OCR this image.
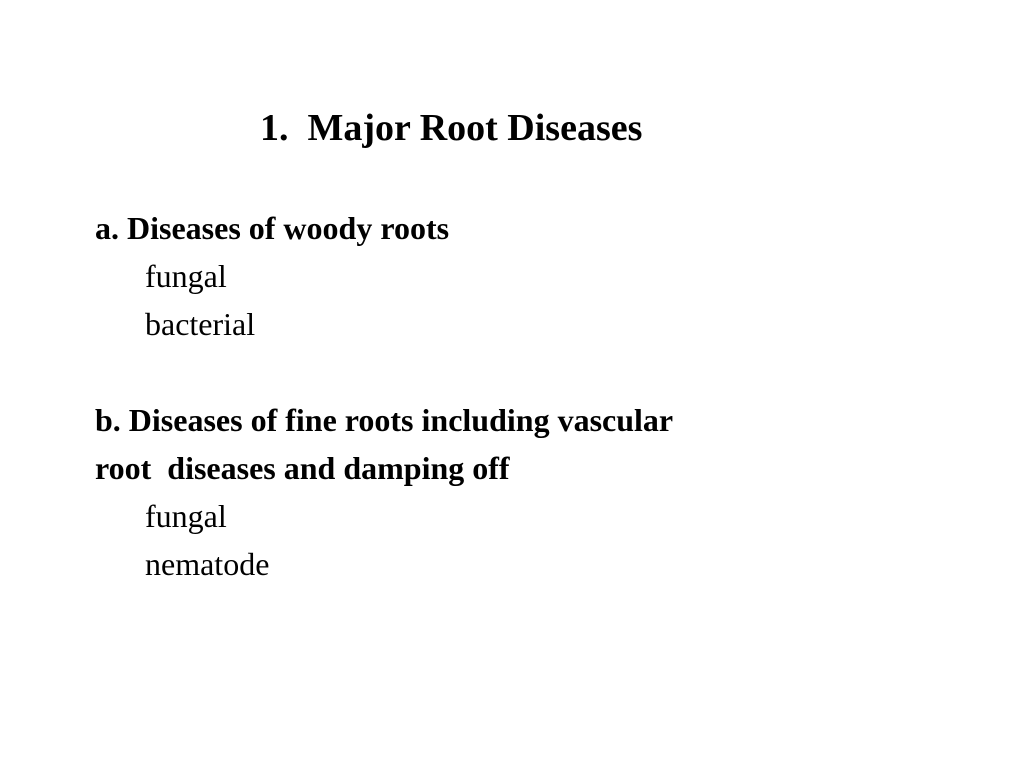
1.  Major Root Diseases
a. Diseases of woody roots
fungal
bacterial
b. Diseases of fine roots including vascular
root  diseases and damping off
fungal
nematode
